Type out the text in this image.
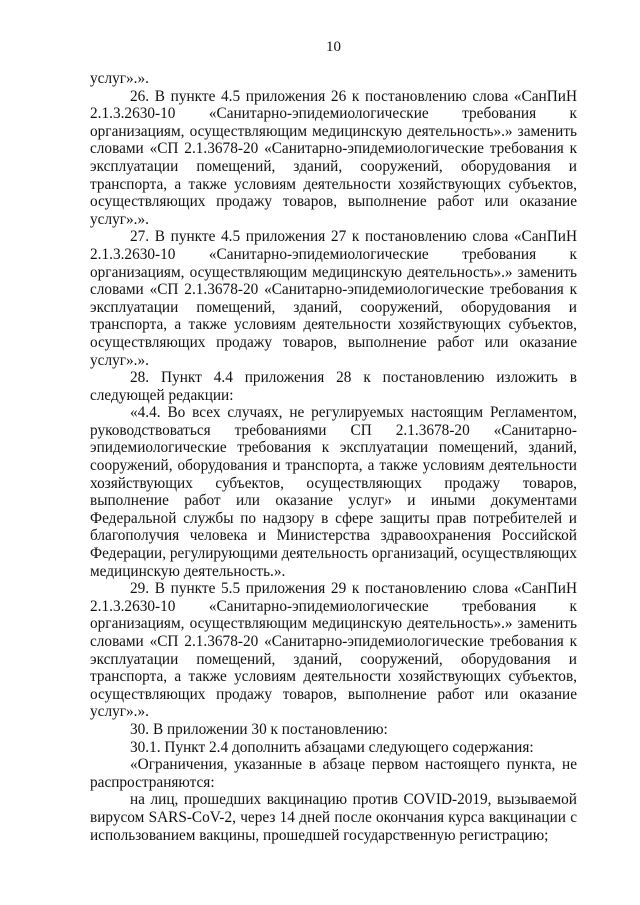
10

услуг».».

26. В пункте 4.5 приложения 26 к постановлению слова «СанПиН 2.1.3.2630-10 «Санитарно-эпидемиологические требования к организациям, осуществляющим медицинскую деятельность».» заменить словами «СП 2.1.3678-20 «Санитарно-эпидемиологические требования к эксплуатации помещений, зданий, сооружений, оборудования и транспорта, а также условиям деятельности хозяйствующих субъектов, осуществляющих продажу товаров, выполнение работ или оказание услуг».».

27. В пункте 4.5 приложения 27 к постановлению слова «СанПиН 2.1.3.2630-10 «Санитарно-эпидемиологические требования к организациям, осуществляющим медицинскую деятельность».» заменить словами «СП 2.1.3678-20 «Санитарно-эпидемиологические требования к эксплуатации помещений, зданий, сооружений, оборудования и транспорта, а также условиям деятельности хозяйствующих субъектов, осуществляющих продажу товаров, выполнение работ или оказание услуг».».

28. Пункт 4.4 приложения 28 к постановлению изложить в следующей редакции:

«4.4. Во всех случаях, не регулируемых настоящим Регламентом, руководствоваться требованиями СП 2.1.3678-20 «Санитарно-эпидемиологические требования к эксплуатации помещений, зданий, сооружений, оборудования и транспорта, а также условиям деятельности хозяйствующих субъектов, осуществляющих продажу товаров, выполнение работ или оказание услуг» и иными документами Федеральной службы по надзору в сфере защиты прав потребителей и благополучия человека и Министерства здравоохранения Российской Федерации, регулирующими деятельность организаций, осуществляющих медицинскую деятельность.».

29. В пункте 5.5 приложения 29 к постановлению слова «СанПиН 2.1.3.2630-10 «Санитарно-эпидемиологические требования к организациям, осуществляющим медицинскую деятельность».» заменить словами «СП 2.1.3678-20 «Санитарно-эпидемиологические требования к эксплуатации помещений, зданий, сооружений, оборудования и транспорта, а также условиям деятельности хозяйствующих субъектов, осуществляющих продажу товаров, выполнение работ или оказание услуг».».

30. В приложении 30 к постановлению:

30.1. Пункт 2.4 дополнить абзацами следующего содержания:

«Ограничения, указанные в абзаце первом настоящего пункта, не распространяются:

на лиц, прошедших вакцинацию против COVID-2019, вызываемой вирусом SARS-CoV-2, через 14 дней после окончания курса вакцинации с использованием вакцины, прошедшей государственную регистрацию;
